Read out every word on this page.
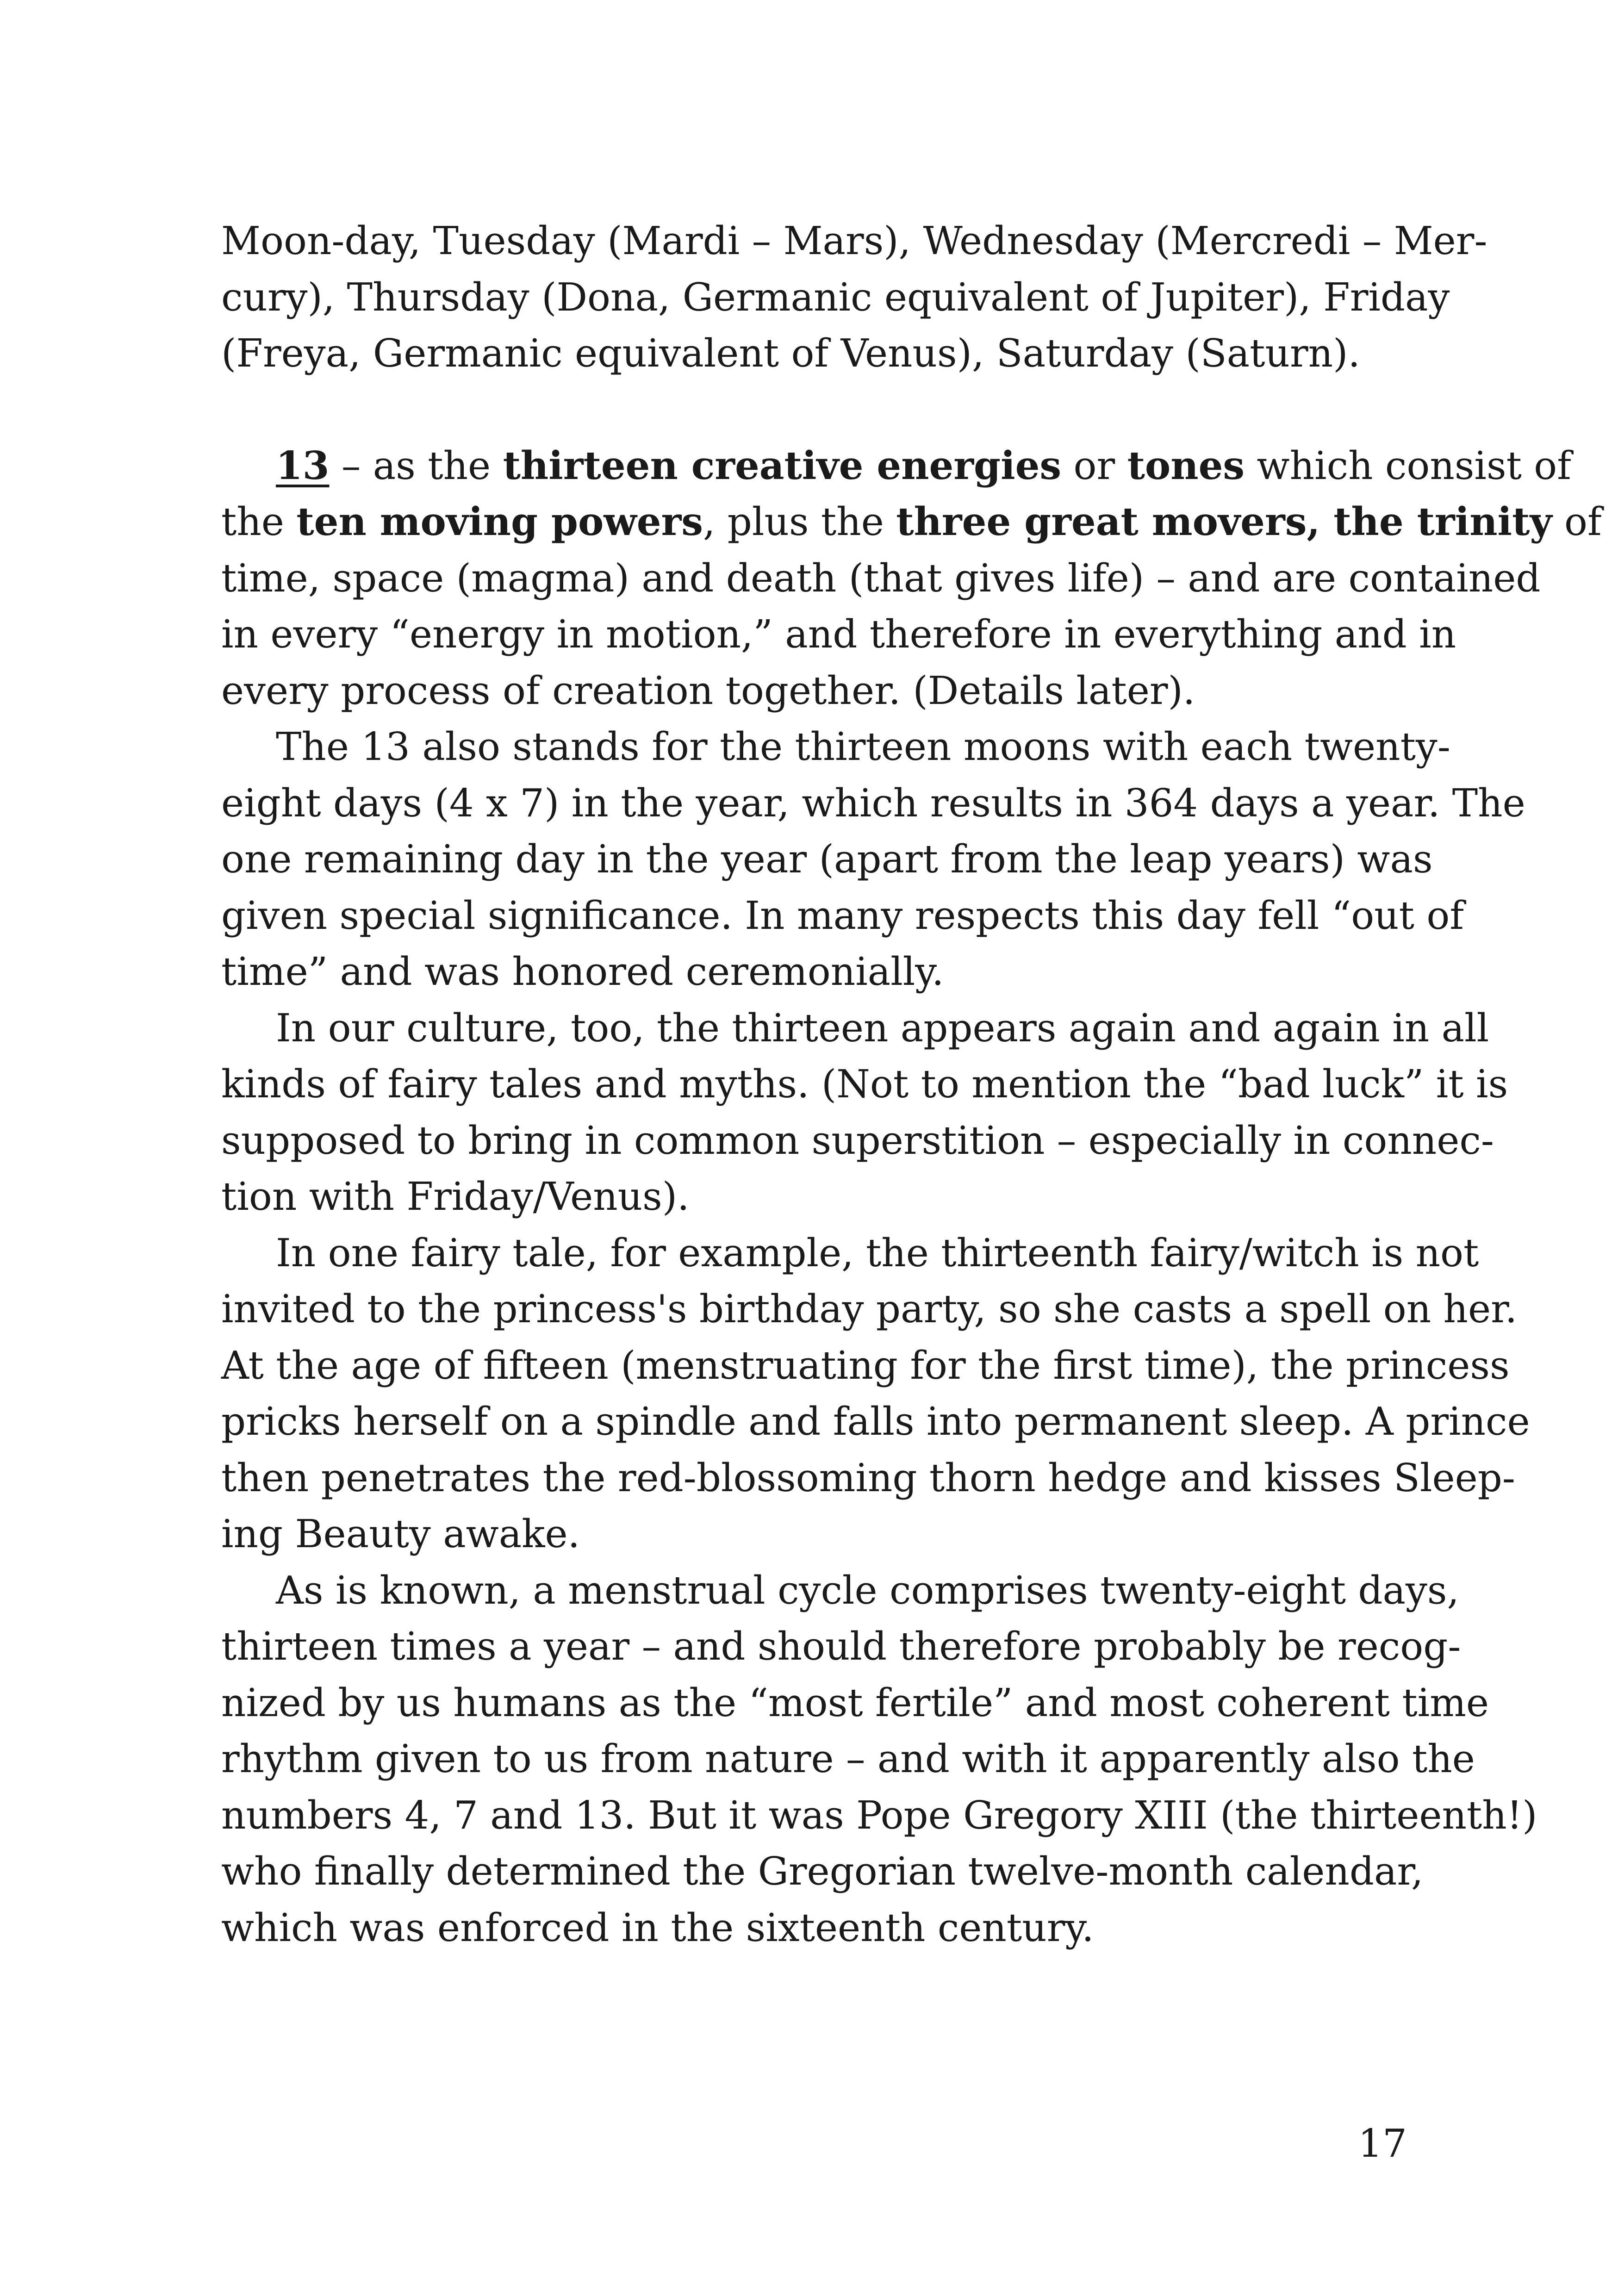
Moon-day, Tuesday (Mardi – Mars), Wednesday (Mercredi – Mer-
cury), Thursday (Dona, Germanic equivalent of Jupiter), Friday
(Freya, Germanic equivalent of Venus), Saturday (Saturn).

13 – as the thirteen creative energies or tones which consist of
the ten moving powers, plus the three great movers, the trinity of
time, space (magma) and death (that gives life) – and are contained
in every “energy in motion,” and therefore in everything and in
every process of creation together. (Details later).

The 13 also stands for the thirteen moons with each twenty-
eight days (4 x 7) in the year, which results in 364 days a year. The
one remaining day in the year (apart from the leap years) was
given special significance. In many respects this day fell “out of
time” and was honored ceremonially.

In our culture, too, the thirteen appears again and again in all
kinds of fairy tales and myths. (Not to mention the “bad luck” it is
supposed to bring in common superstition – especially in connec-
tion with Friday/Venus).

In one fairy tale, for example, the thirteenth fairy/witch is not
invited to the princess's birthday party, so she casts a spell on her.
At the age of fifteen (menstruating for the first time), the princess
pricks herself on a spindle and falls into permanent sleep. A prince
then penetrates the red-blossoming thorn hedge and kisses Sleep-
ing Beauty awake.

As is known, a menstrual cycle comprises twenty-eight days,
thirteen times a year – and should therefore probably be recog-
nized by us humans as the “most fertile” and most coherent time
rhythm given to us from nature – and with it apparently also the
numbers 4, 7 and 13. But it was Pope Gregory XIII (the thirteenth!)
who finally determined the Gregorian twelve-month calendar,
which was enforced in the sixteenth century.

17
